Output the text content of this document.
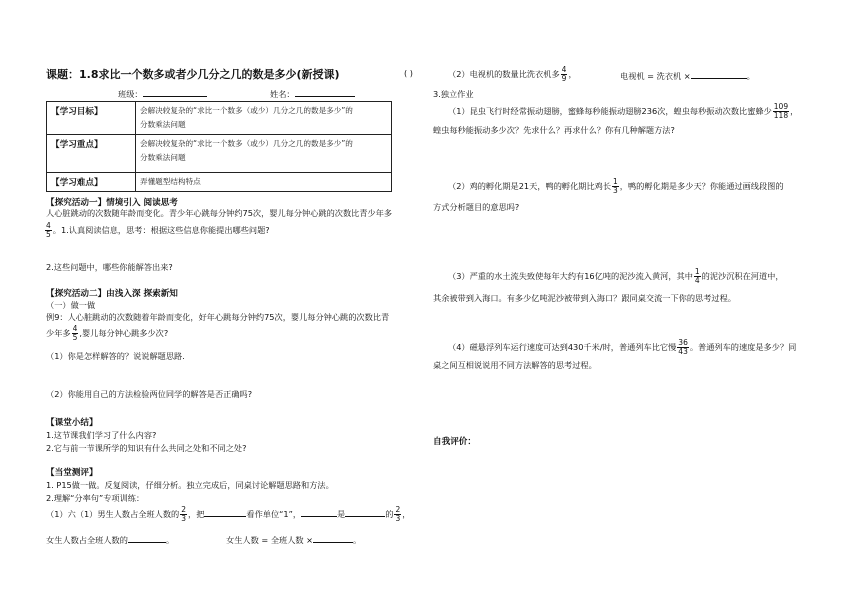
课题：1.8求比一个数多或者少几分之几的数是多少(新授课)	( )
班级：	姓名：
【学习目标】	会解决较复杂的“求比一个数多（或少）几分之几的数是多少”的
分数乘法问题

【学习重点】	会解决较复杂的“求比一个数多（或少）几分之几的数是多少”的
分数乘法问题

【学习难点】	弄懂题型结构特点
【探究活动一】情境引入 阅读思考
人心脏跳动的次数随年龄而变化。青少年心跳每分钟约75次，婴儿每分钟心跳的次数比青少年多
$\frac{4}{5}$ 。1.认真阅读信息，思考：根据这些信息你能提出哪些问题?
2.这些问题中，哪些你能解答出来?
【探究活动二】由浅入深 探索新知
（一）做一做
例9：人心脏跳动的次数随着年龄而变化，好年心跳每分钟约75次，婴儿每分钟心跳的次数比青
少年多 $\frac{4}{5}$ ,婴儿每分钟心跳多少次?
（1）你是怎样解答的？说说解题思路.
（2）你能用自己的方法检验两位同学的解答是否正确吗?
【课堂小结】
1.这节课我们学习了什么内容?
2.它与前一节课所学的知识有什么共同之处和不同之处?
【当堂测评】
1. P15做一做。反复阅读，仔细分析。独立完成后，同桌讨论解题思路和方法。
2.理解“分率句”专项训练：
（1）六（1）男生人数占全班人数的 $\frac{2}{3}$ ，把	看作单位“1”，	是	的 $\frac{2}{3}$ ，
女生人数占全班人数的	。	女生人数 = 全班人数 ×	。
（2）电视机的数量比洗衣机多 $\frac{4}{9}$ ，	电视机 = 洗衣机 ×	。
3.独立作业
（1）昆虫飞行时经常振动翅膀，蜜蜂每秒能振动翅膀236次，蝗虫每秒振动次数比蜜蜂少 $\frac{109}{118}$ ，
蝗虫每秒能振动多少次？先求什么？再求什么？你有几种解题方法?
（2）鸡的孵化期是21天，鸭的孵化期比鸡长 $\frac{1}{3}$ ，鸭的孵化期是多少天？你能通过画线段图的
方式分析题目的意思吗?
（3）严重的水土流失致使每年大约有16亿吨的泥沙流入黄河，其中 $\frac{1}{4}$ 的泥沙沉积在河道中，
其余被带到入海口。有多少亿吨泥沙被带到入海口？跟同桌交流一下你的思考过程。
（4）磁悬浮列车运行速度可达到430千米/时，普通列车比它慢 $\frac{36}{43}$ 。普通列车的速度是多少？同
桌之间互相说说用不同方法解答的思考过程。
自我评价：
